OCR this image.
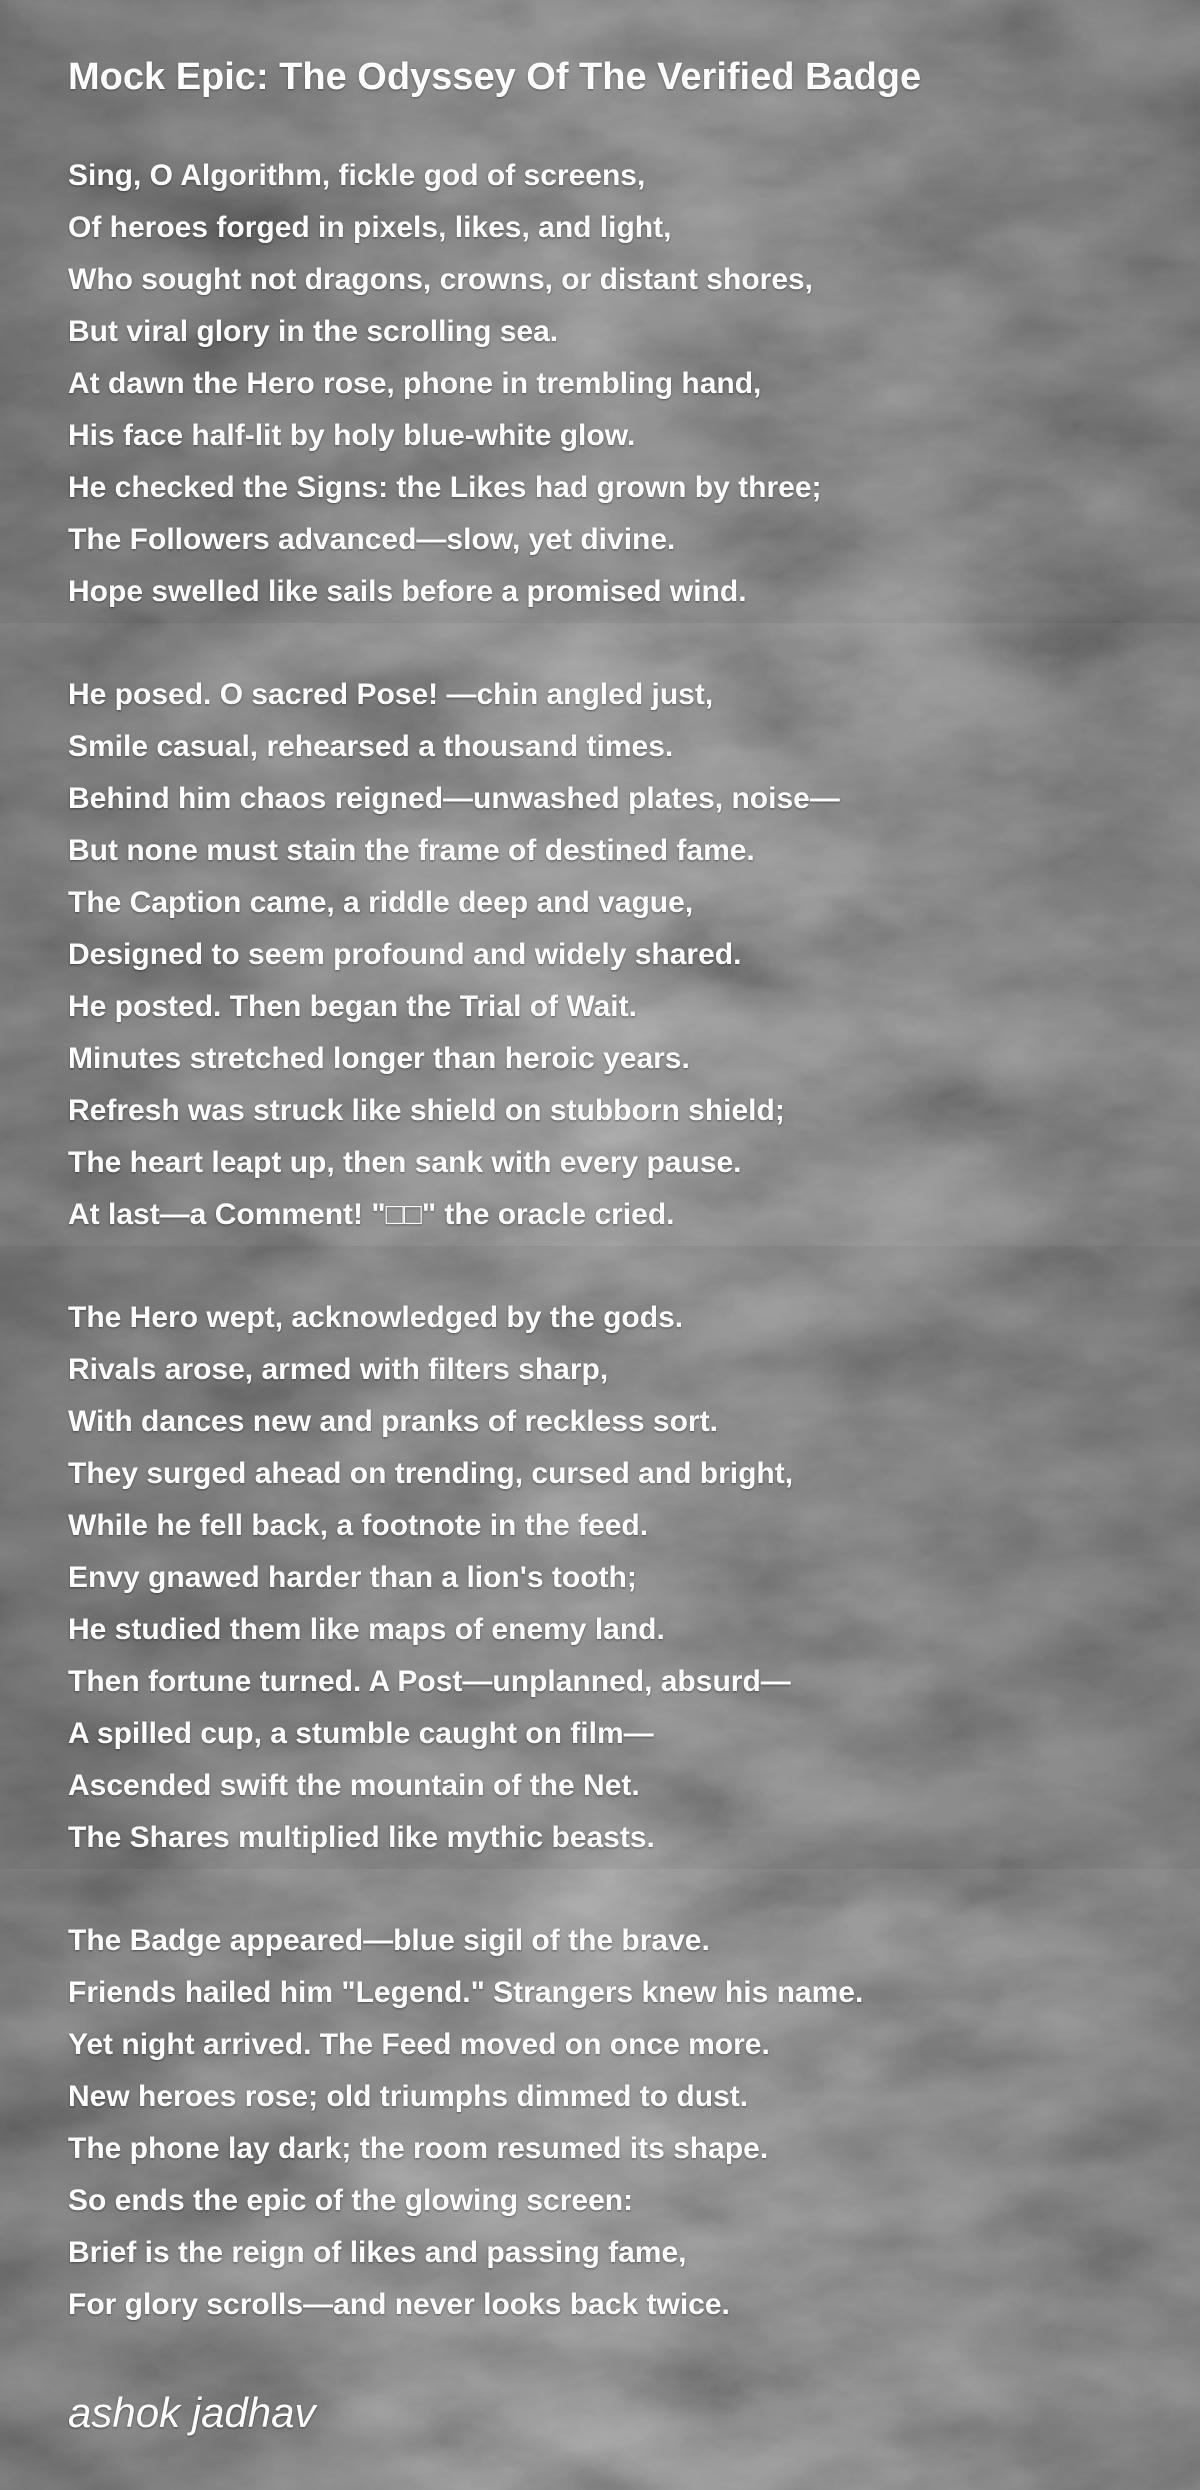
Mock Epic: The Odyssey Of The Verified Badge
Sing, O Algorithm, fickle god of screens,
Of heroes forged in pixels, likes, and light,
Who sought not dragons, crowns, or distant shores,
But viral glory in the scrolling sea.
At dawn the Hero rose, phone in trembling hand,
His face half-lit by holy blue-white glow.
He checked the Signs: the Likes had grown by three;
The Followers advanced—slow, yet divine.
Hope swelled like sails before a promised wind.
He posed. O sacred Pose! —chin angled just,
Smile casual, rehearsed a thousand times.
Behind him chaos reigned—unwashed plates, noise—
But none must stain the frame of destined fame.
The Caption came, a riddle deep and vague,
Designed to seem profound and widely shared.
He posted. Then began the Trial of Wait.
Minutes stretched longer than heroic years.
Refresh was struck like shield on stubborn shield;
The heart leapt up, then sank with every pause.
At last—a Comment! "□□" the oracle cried.
The Hero wept, acknowledged by the gods.
Rivals arose, armed with filters sharp,
With dances new and pranks of reckless sort.
They surged ahead on trending, cursed and bright,
While he fell back, a footnote in the feed.
Envy gnawed harder than a lion's tooth;
He studied them like maps of enemy land.
Then fortune turned. A Post—unplanned, absurd—
A spilled cup, a stumble caught on film—
Ascended swift the mountain of the Net.
The Shares multiplied like mythic beasts.
The Badge appeared—blue sigil of the brave.
Friends hailed him "Legend." Strangers knew his name.
Yet night arrived. The Feed moved on once more.
New heroes rose; old triumphs dimmed to dust.
The phone lay dark; the room resumed its shape.
So ends the epic of the glowing screen:
Brief is the reign of likes and passing fame,
For glory scrolls—and never looks back twice.
ashok jadhav
